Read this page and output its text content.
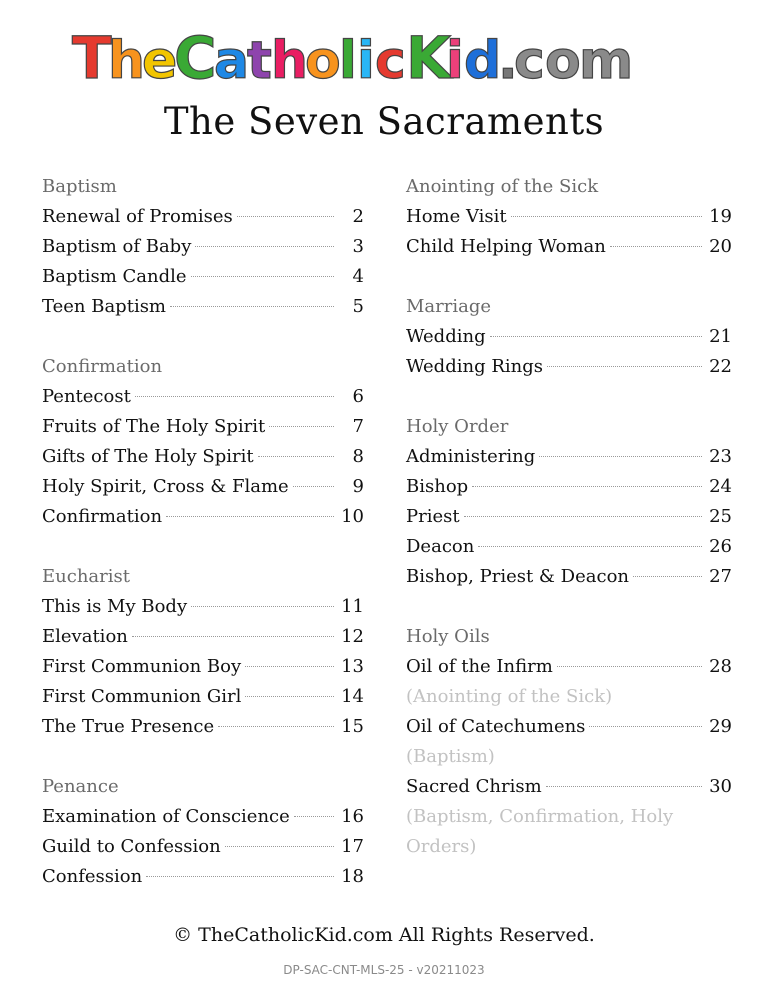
T
h
e
C
a
t h
o
l i c K
i d
.
c o
m
The Seven Sacraments
Baptism
Renewal of Promises	2
Baptism of Baby	3
Baptism Candle	4
Teen Baptism	5
Confirmation
Pentecost	6
Fruits of The Holy Spirit	7
Gifts of The Holy Spirit	8
Holy Spirit, Cross & Flame	9
Confirmation	10
Eucharist
This is My Body	11
Elevation	12
First Communion Boy	13
First Communion Girl	14
The True Presence	15
Penance
Examination of Conscience	16
Guild to Confession	17
Confession	18
Anointing of the Sick
Home Visit	19
Child Helping Woman	20
Marriage
Wedding	21
Wedding Rings	22
Holy Order
Administering	23
Bishop	24
Priest	25
Deacon	26
Bishop, Priest & Deacon	27
Holy Oils
Oil of the Infirm	28
(Anointing of the Sick)
Oil of Catechumens	29
(Baptism)
Sacred Chrism	30
(Baptism, Confirmation, Holy Orders)
© TheCatholicKid.com All Rights Reserved.
DP-SAC-CNT-MLS-25 - v20211023
